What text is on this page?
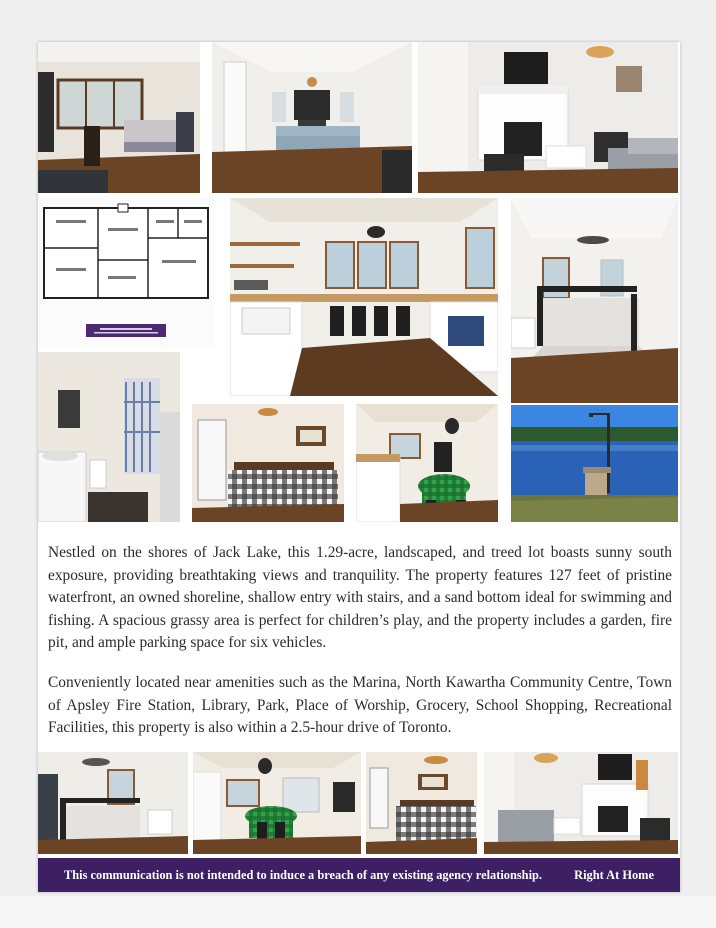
Nestled on the shores of Jack Lake, this 1.29-acre, landscaped, and treed lot boasts sunny south exposure, providing breathtaking views and tranquility. The property features 127 feet of pristine waterfront, an owned shoreline, shallow entry with stairs, and a sand bottom ideal for swimming and fishing. A spacious grassy area is perfect for children’s play, and the property includes a garden, fire pit, and ample parking space for six vehicles.
Conveniently located near amenities such as the Marina, North Kawartha Community Centre, Town of Apsley Fire Station, Library, Park, Place of Worship, Grocery, School Shopping, Recreational Facilities, this property is also within a 2.5-hour drive of Toronto.
This communication is not intended to induce a breach of any existing agency relationship.	Right At Home
